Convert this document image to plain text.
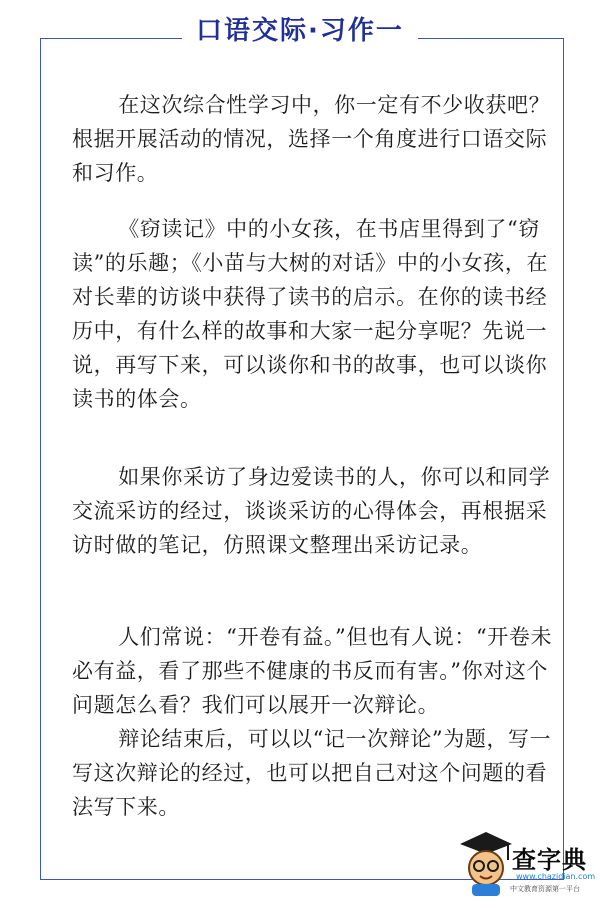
口语交际·习作一

在这次综合性学习中，你一定有不少收获吧？根据开展活动的情况，选择一个角度进行口语交际和习作。

《窃读记》中的小女孩，在书店里得到了“窃读”的乐趣；《小苗与大树的对话》中的小女孩，在对长辈的访谈中获得了读书的启示。在你的读书经历中，有什么样的故事和大家一起分享呢？先说一说，再写下来，可以谈你和书的故事，也可以谈你读书的体会。

如果你采访了身边爱读书的人，你可以和同学交流采访的经过，谈谈采访的心得体会，再根据采访时做的笔记，仿照课文整理出采访记录。

人们常说：“开卷有益。”但也有人说：“开卷未必有益，看了那些不健康的书反而有害。”你对这个问题怎么看？我们可以展开一次辩论。

辩论结束后，可以以“记一次辩论”为题，写一写这次辩论的经过，也可以把自己对这个问题的看法写下来。

查字典
www.chazidian.com
中文教育资源第一平台
